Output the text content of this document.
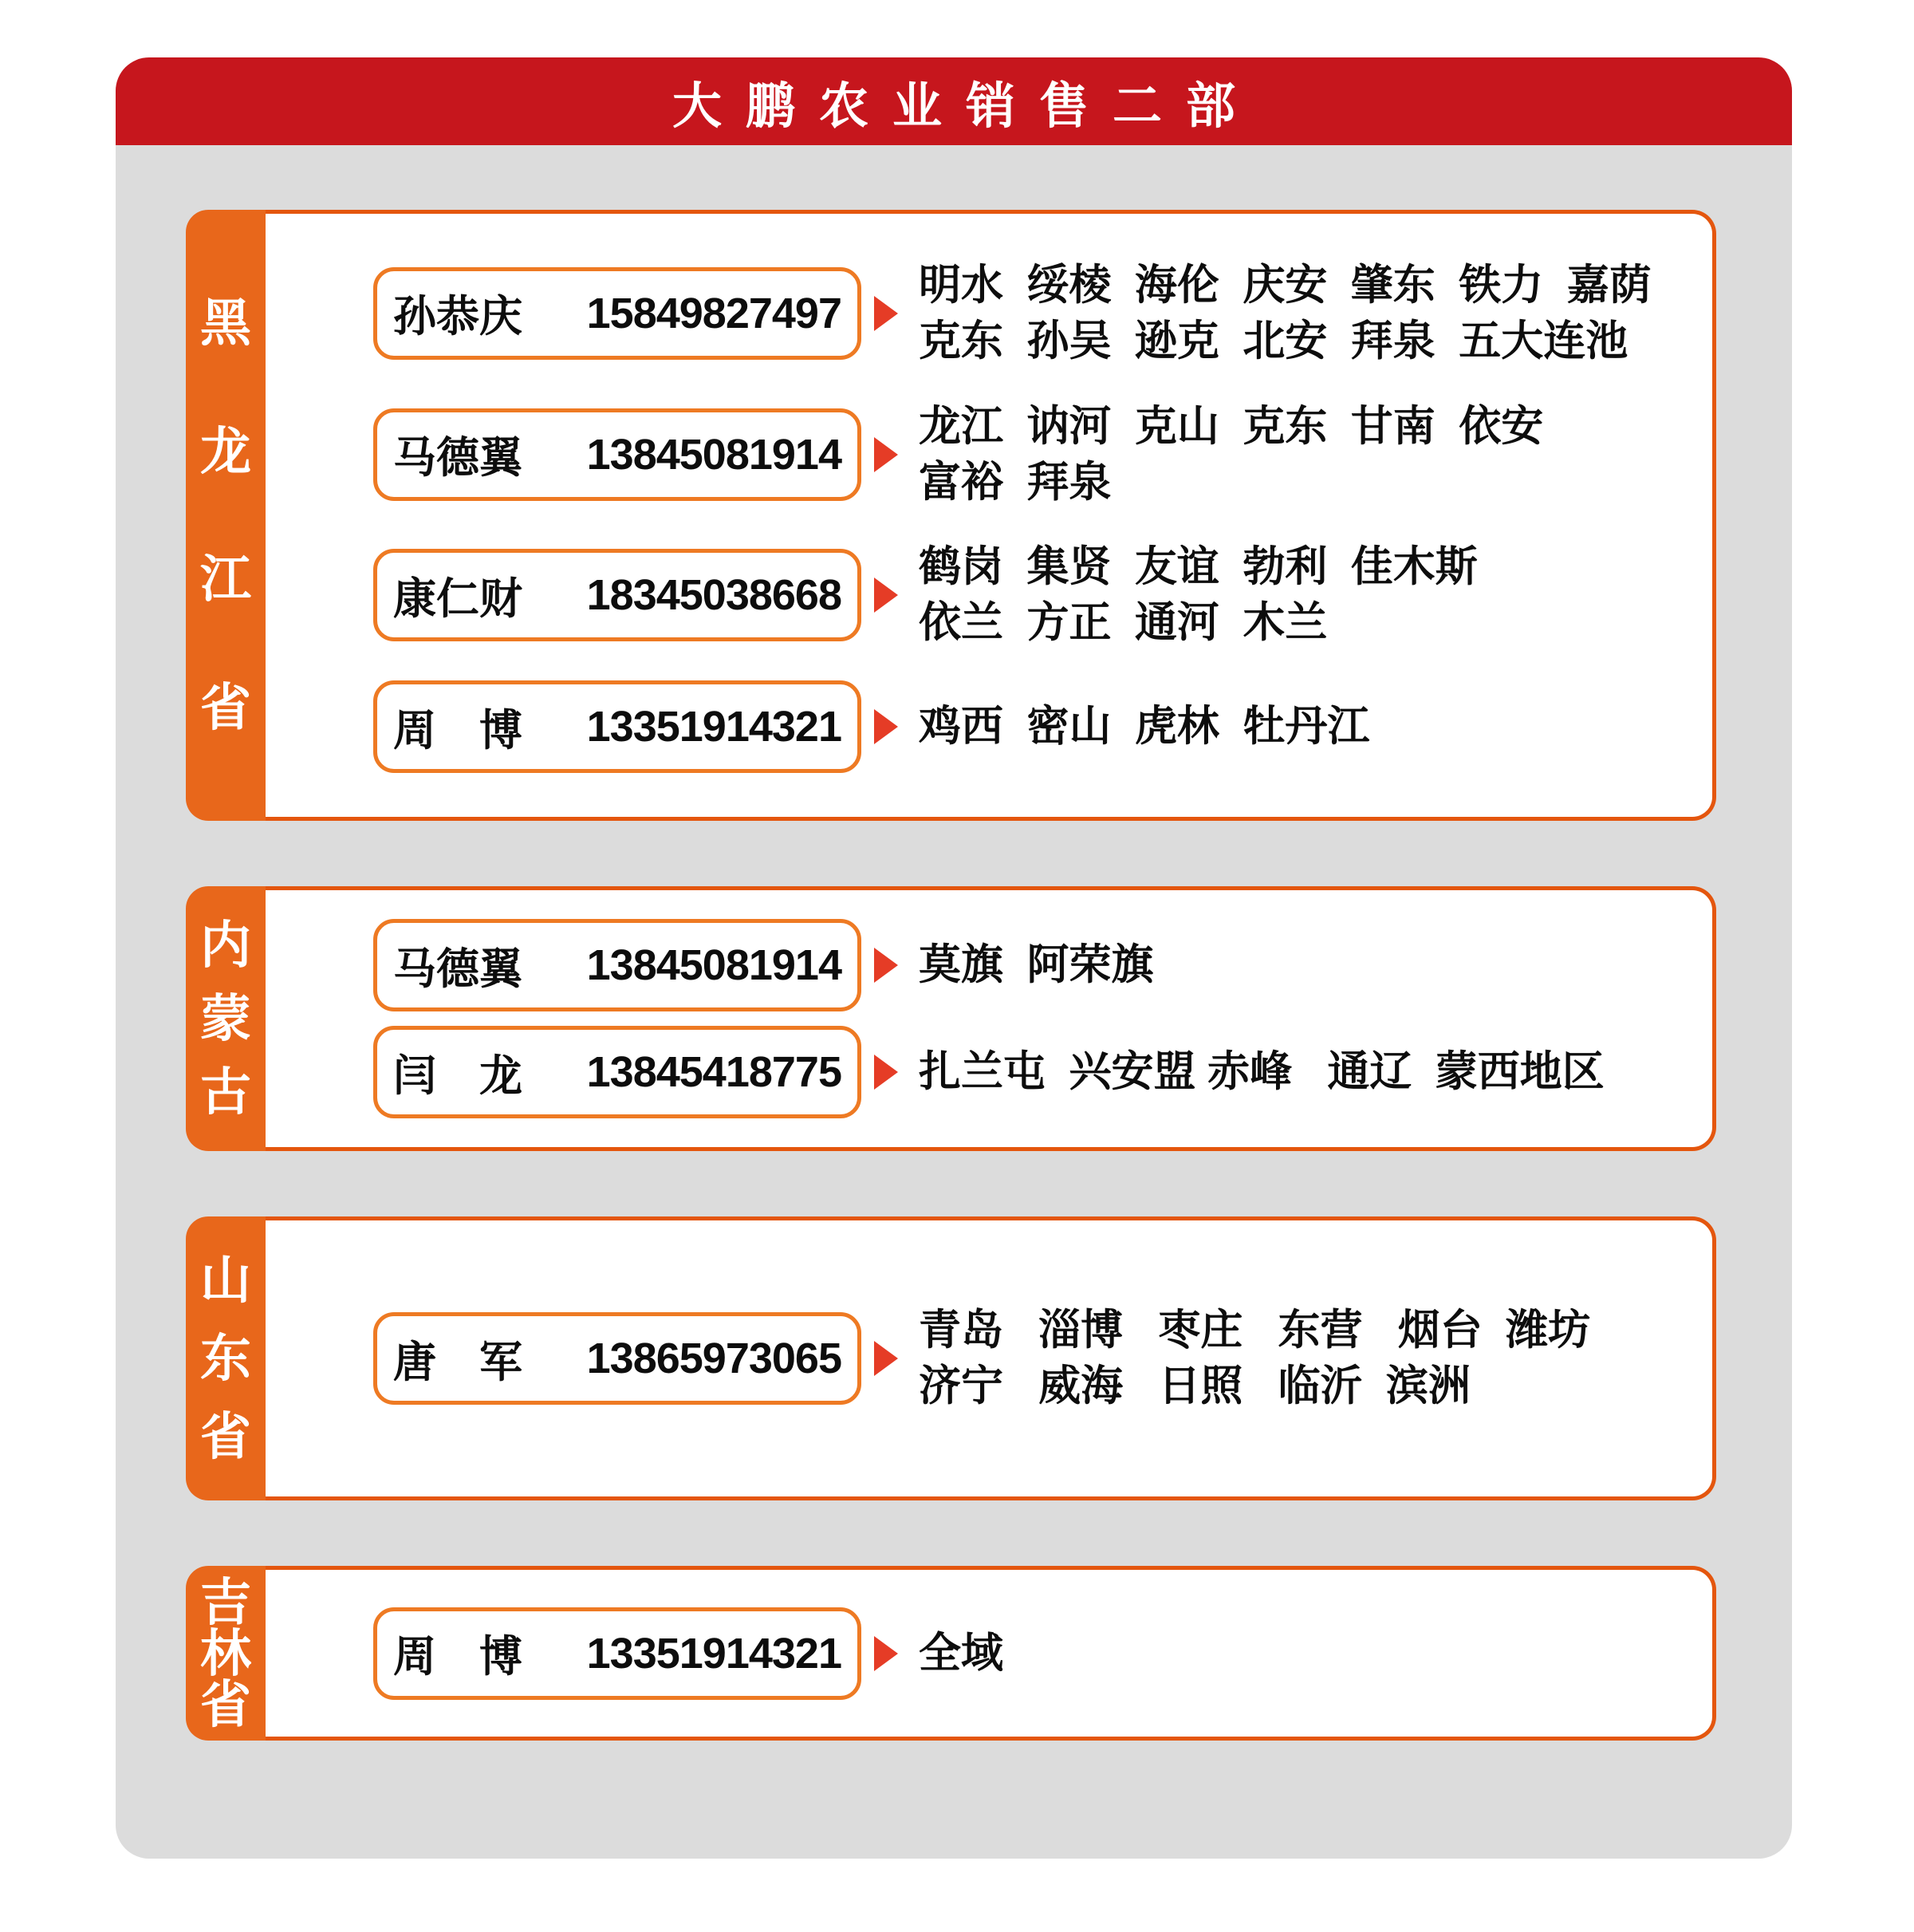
大鹏农业销售二部
黑
龙
江
省
孙恭庆 15849827497
明水  绥棱  海伦  庆安  肇东  铁力  嘉荫
克东  孙吴  逊克  北安  拜泉  五大连池
马德翼 13845081914
龙江  讷河  克山  克东  甘南  依安
富裕  拜泉
康仁财 18345038668
鹤岗  集贤  友谊  勃利  佳木斯
依兰  方正  通河  木兰
周　博 13351914321 鸡西  密山  虎林  牡丹江
内
蒙
古
马德翼 13845081914 莫旗  阿荣旗
闫　龙 13845418775 扎兰屯  兴安盟 赤峰   通辽  蒙西地区
山
东
省
唐　军 13865973065
青岛   淄博   枣庄   东营   烟台  潍坊
济宁   威海   日照   临沂  滨洲
吉
林
省
周　博 13351914321 全域
